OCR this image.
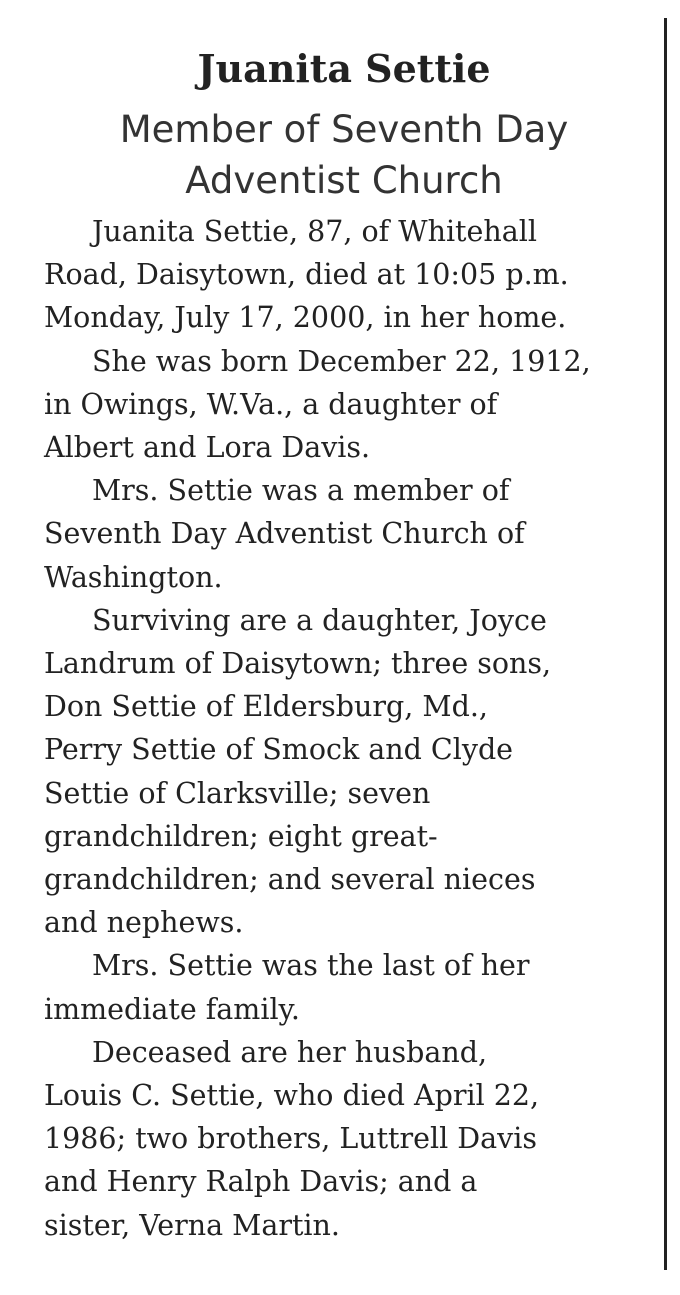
Juanita Settie
Member of Seventh Day
Adventist Church
Juanita Settie, 87, of Whitehall
Road, Daisytown, died at 10:05 p.m.
Monday, July 17, 2000, in her home.
She was born December 22, 1912,
in Owings, W.Va., a daughter of
Albert and Lora Davis.
Mrs. Settie was a member of
Seventh Day Adventist Church of
Washington.
Surviving are a daughter, Joyce
Landrum of Daisytown; three sons,
Don Settie of Eldersburg, Md.,
Perry Settie of Smock and Clyde
Settie of Clarksville; seven
grandchildren; eight great-
grandchildren; and several nieces
and nephews.
Mrs. Settie was the last of her
immediate family.
Deceased are her husband,
Louis C. Settie, who died April 22,
1986; two brothers, Luttrell Davis
and Henry Ralph Davis; and a
sister, Verna Martin.
